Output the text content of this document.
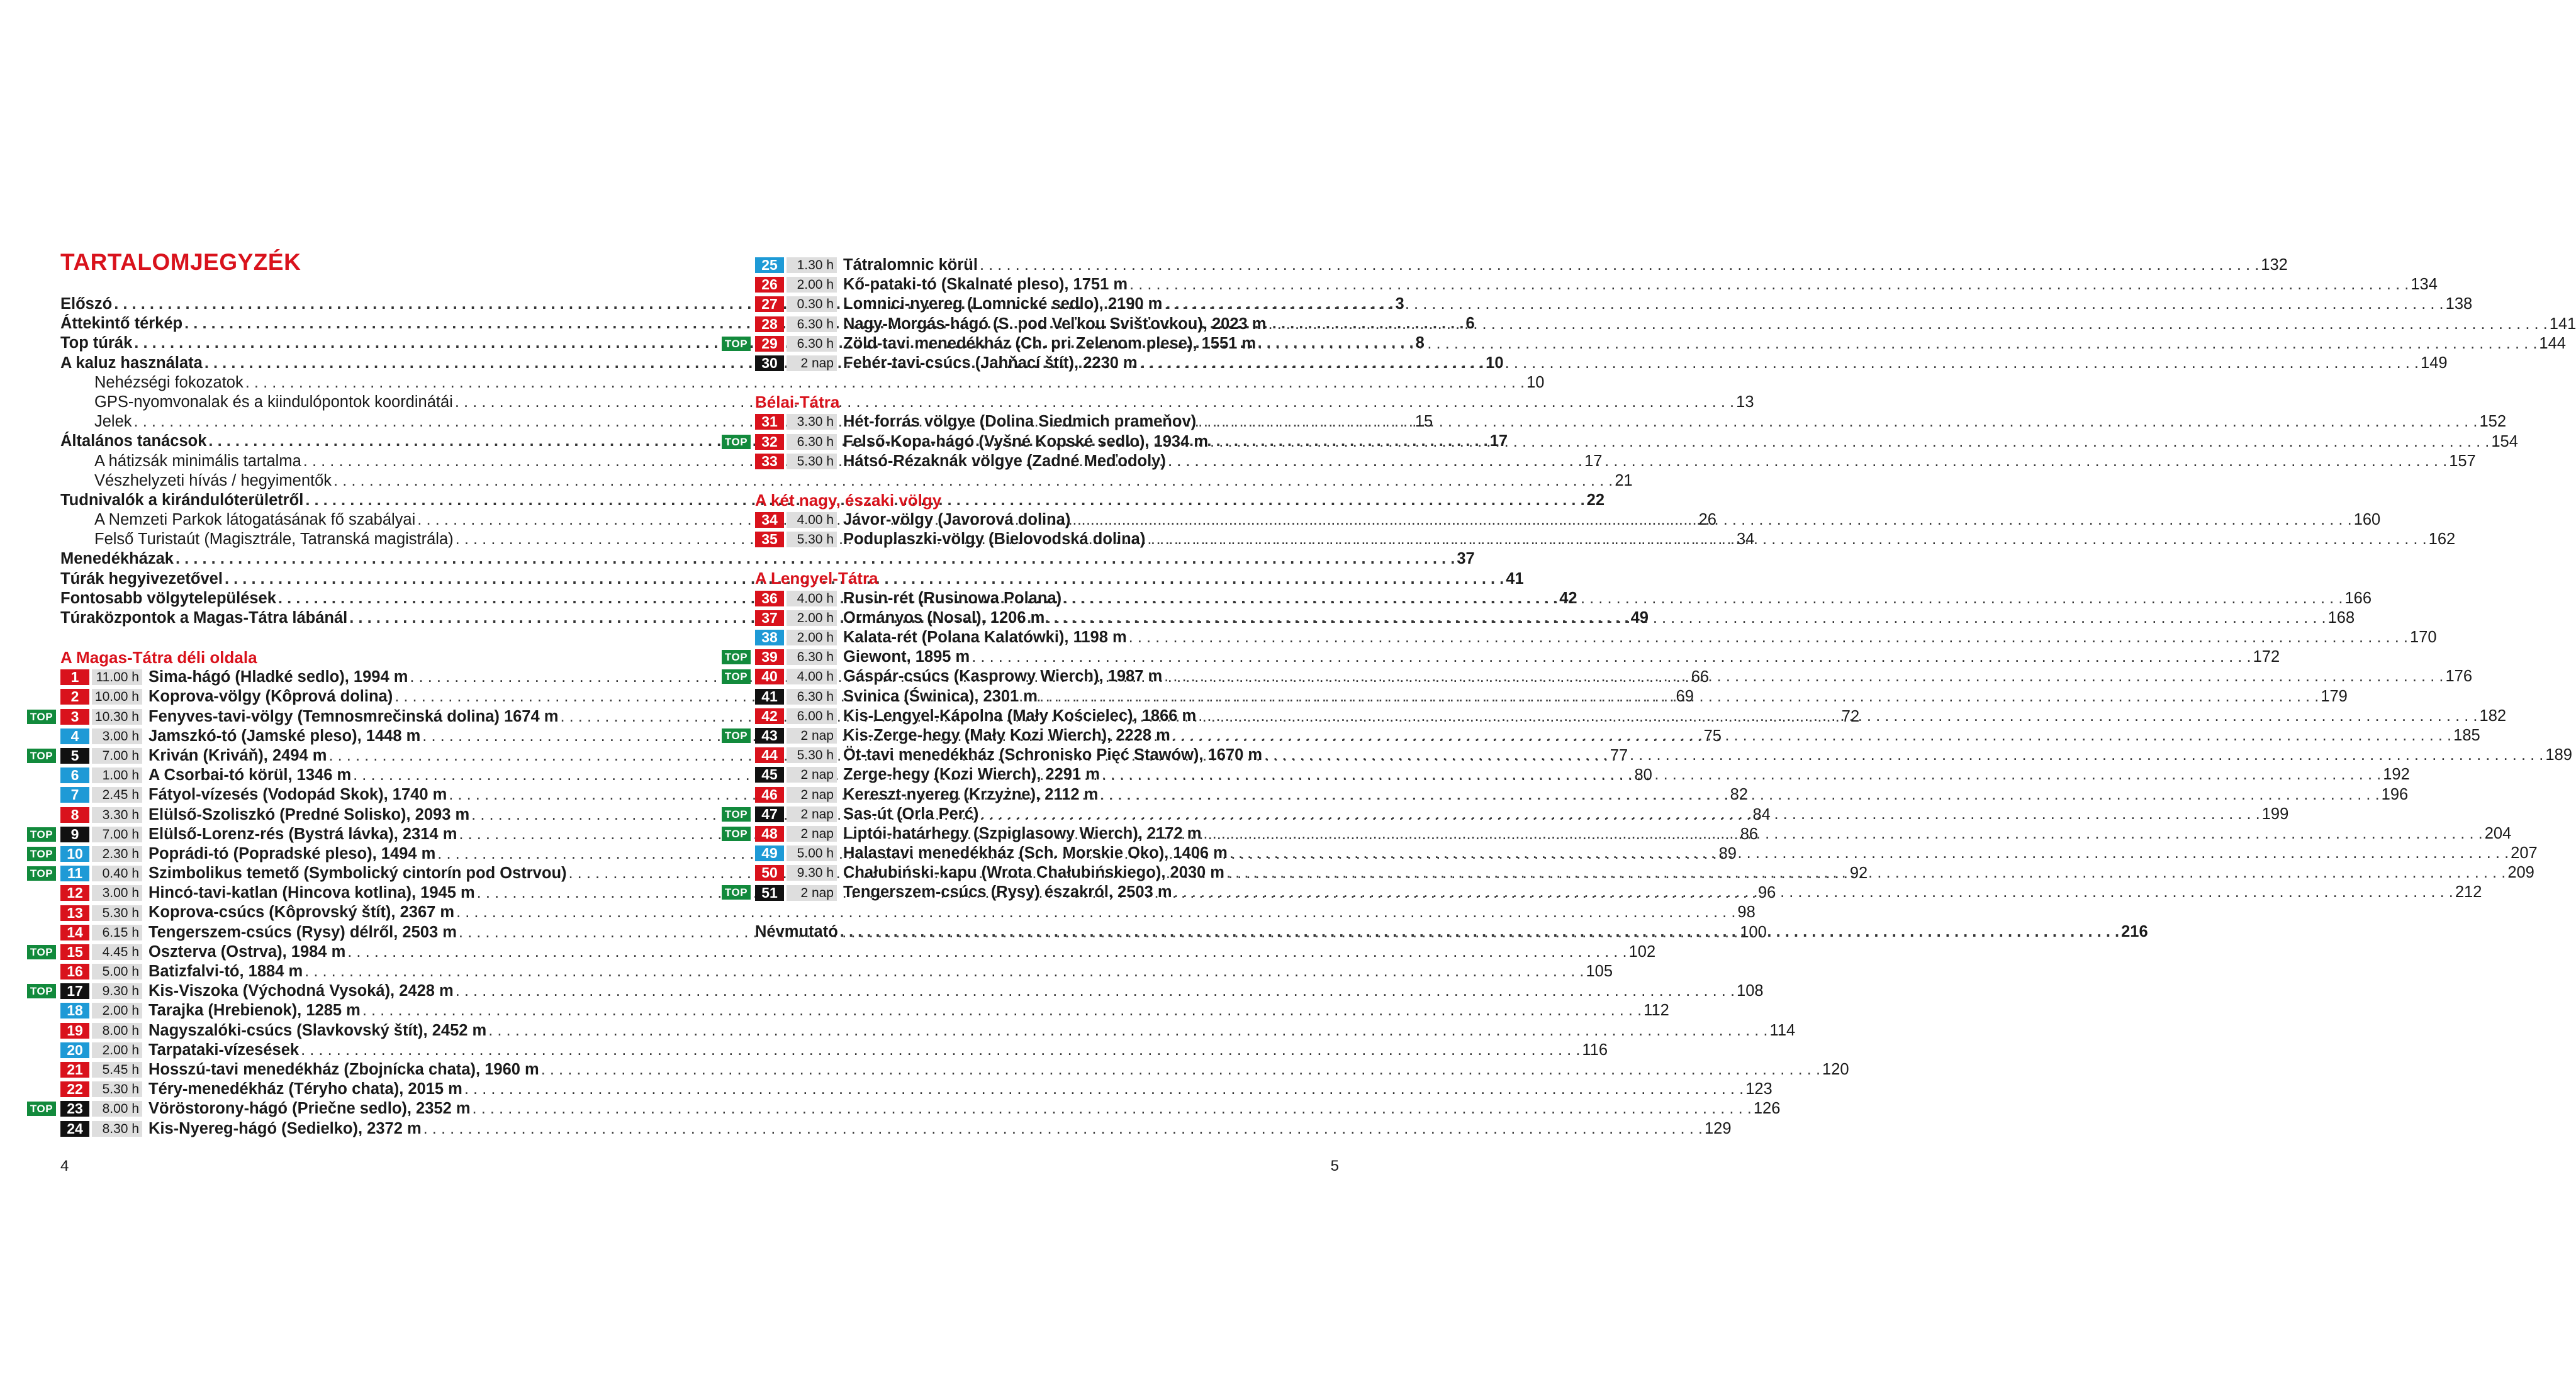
TARTALOMJEGYZÉK
Előszó . . .	3
Áttekintő térkép . . .	6
Top túrák . . .	8
A kaluz használata . . .	10
Nehézségi fokozatok . . .	10
GPS-nyomvonalak és a kiindulópontok koordinátái . . .	13
Jelek . . .	15
Általános tanácsok . . .	17
A hátizsák minimális tartalma . . .	17
Vészhelyzeti hívás / hegyimentők . . .	21
Tudnivalók a kirándulóterületről . . .	22
A Nemzeti Parkok látogatásának fő szabályai . . .	26
Felső Turistaút (Magisztrále, Tatranská magistrála) . . .	34
Menedékházak . . .	37
Túrák hegyivezetővel . . .	41
Fontosabb völgytelepülések . . .	42
Túraközpontok a Magas-Tátra lábánál . . .	49
A Magas-Tátra déli oldala
1	11.00 h Sima-hágó (Hladké sedlo), 1994 m . . .	66
2	10.00 h Koprova-völgy (Kôprová dolina) . . .	69
TOP	3	10.30 h Fenyves-tavi-völgy (Temnosmrečinská dolina) 1674 m . . .	72
4	3.00 h Jamszkó-tó (Jamské pleso), 1448 m . . .	75
TOP	5	7.00 h Kriván (Kriváň), 2494 m . . .	77
6	1.00 h A Csorbai-tó körül, 1346 m . . .	80
7	2.45 h Fátyol-vízesés (Vodopád Skok), 1740 m . . .	82
8	3.30 h Elülső-Szoliszkó (Predné Solisko), 2093 m . . .	84
TOP	9	7.00 h Elülső-Lorenz-rés (Bystrá lávka), 2314 m . . .	86
TOP 10	2.30 h Poprádi-tó (Popradské pleso), 1494 m . . .	89
TOP 11	0.40 h Szimbolikus temető (Symbolický cintorín pod Ostrvou) . . .	92
12	3.00 h Hincó-tavi-katlan (Hincova kotlina), 1945 m . . .	96
13	5.30 h Koprova-csúcs (Kôprovský štít), 2367 m . . .	98
14	6.15 h Tengerszem-csúcs (Rysy) délről, 2503 m . . .	100
TOP 15	4.45 h Oszterva (Ostrva), 1984 m . . .	102
16	5.00 h Batizfalvi-tó, 1884 m . . .	105
TOP 17	9.30 h Kis-Viszoka (Východná Vysoká), 2428 m . . .	108
18	2.00 h Tarajka (Hrebienok), 1285 m . . .	112
19	8.00 h Nagyszalóki-csúcs (Slavkovský štít), 2452 m . . .	114
20	2.00 h Tarpataki-vízesések . . .	116
21	5.45 h Hosszú-tavi menedékház (Zbojnícka chata), 1960 m . . .	120
22	5.30 h Téry-menedékház (Téryho chata), 2015 m . . .	123
TOP 23	8.00 h Vöröstorony-hágó (Priečne sedlo), 2352 m . . .	126
24	8.30 h Kis-Nyereg-hágó (Sedielko), 2372 m . . .	129
4
25	1.30 h Tátralomnic körül . . .	132
26	2.00 h Kő-pataki-tó (Skalnaté pleso), 1751 m . . .	134
27	0.30 h Lomnici-nyereg (Lomnické sedlo), 2190 m . . .	138
28	6.30 h Nagy-Morgás-hágó (S. pod Veľkou Svišťovkou), 2023 m . . .	141
TOP 29	6.30 h Zöld-tavi menedékház (Ch. pri Zelenom plese), 1551 m . . .	144
30	2 nap Fehér-tavi-csúcs (Jahňací štít), 2230 m . . .	149
Bélai-Tátra
31	3.30 h Hét-forrás völgye (Dolina Siedmich prameňov) . . .	152
TOP 32	6.30 h Felső-Kopa-hágó (Vyšné Kopské sedlo), 1934 m . . .	154
33	5.30 h Hátsó-Rézaknák völgye (Zadné Meďodoly) . . .	157
A két nagy, északi völgy
34	4.00 h Jávor-völgy (Javorová dolina) . . .	160
35	5.30 h Poduplaszki-völgy (Bielovodská dolina) . . .	162
A Lengyel-Tátra
36	4.00 h Rusin-rét (Rusinowa Polana) . . .	166
37	2.00 h Ormányos (Nosal), 1206 m . . .	168
38	2.00 h Kalata-rét (Polana Kalatówki), 1198 m . . .	170
TOP 39	6.30 h Giewont, 1895 m . . .	172
TOP 40	4.00 h Gáspár-csúcs (Kasprowy Wierch), 1987 m . . .	176
41	6.30 h Svinica (Świnica), 2301 m . . .	179
42	6.00 h Kis-Lengyel-Kápolna (Mały Kościelec), 1866 m . . .	182
TOP 43	2 nap Kis-Zerge-hegy (Mały Kozi Wierch), 2228 m . . .	185
44	5.30 h Öt-tavi menedékház (Schronisko Pięć Stawów), 1670 m . . .	189
45	2 nap Zerge-hegy (Kozi Wierch), 2291 m . . .	192
46	2 nap Kereszt-nyereg (Krzyżne), 2112 m . . .	196
TOP 47	2 nap Sas-út (Orla Perć) . . .	199
TOP 48	2 nap Liptói-határhegy (Szpiglasowy Wierch), 2172 m . . .	204
49	5.00 h Halastavi menedékház (Sch. Morskie Oko), 1406 m . . .	207
50	9.30 h Chałubiński-kapu (Wrota Chałubińskiego), 2030 m . . .	209
TOP 51	2 nap Tengerszem-csúcs (Rysy) északról, 2503 m . . .	212
Névmutató . . .	216
5
